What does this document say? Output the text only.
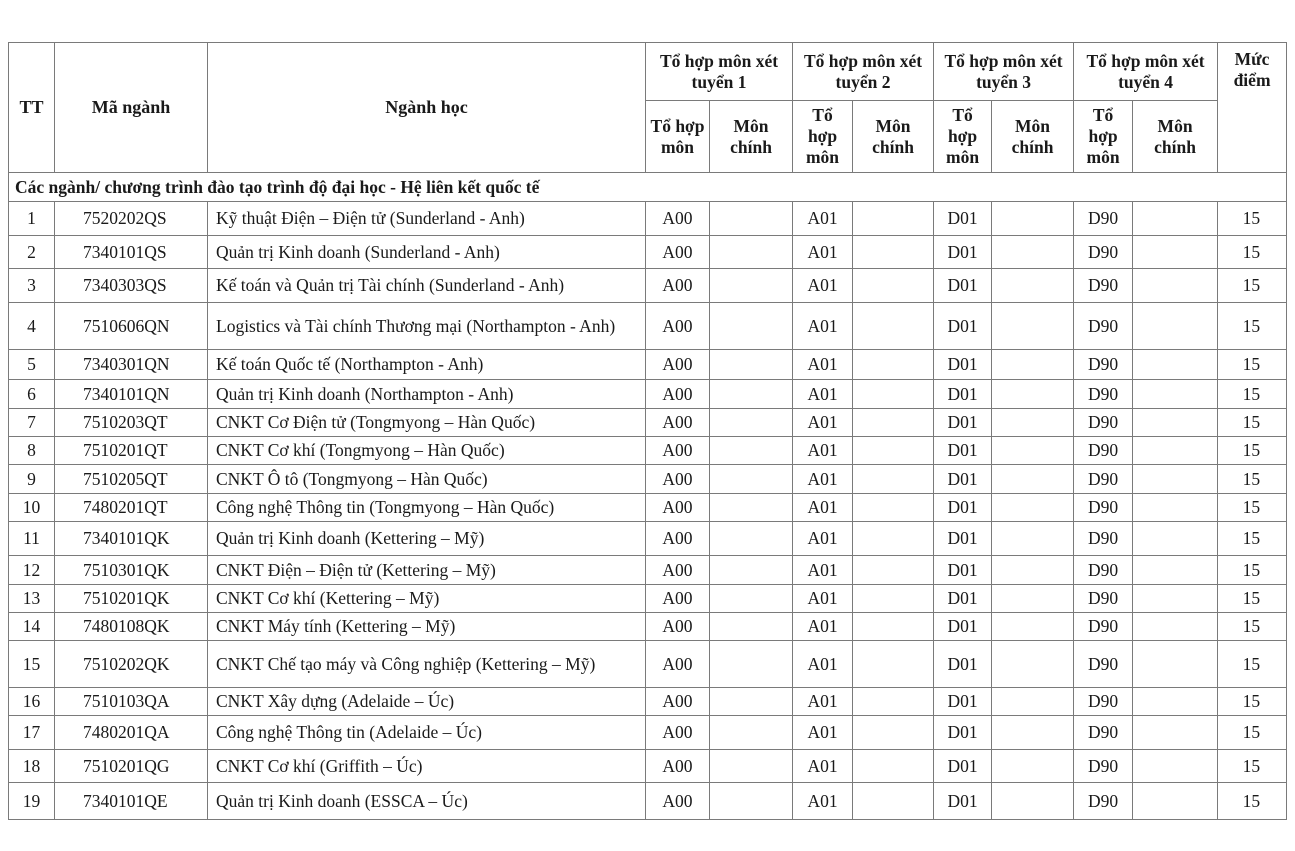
TT	Mã ngành	Ngành học	Tổ hợp môn xét tuyển 1		Tổ hợp môn xét tuyển 2		Tổ hợp môn xét tuyển 3		Tổ hợp môn xét tuyển 4		Mức điểm
			Tổ hợp môn	Môn chính	Tổ hợp môn	Môn chính	Tổ hợp môn	Môn chính	Tổ hợp môn	Môn chính	
Các ngành/ chương trình đào tạo trình độ đại học - Hệ liên kết quốc tế											
1	7520202QS	Kỹ thuật Điện – Điện tử (Sunderland - Anh)	A00		A01		D01		D90		15
2	7340101QS	Quản trị Kinh doanh (Sunderland - Anh)	A00		A01		D01		D90		15
3	7340303QS	Kế toán và Quản trị Tài chính (Sunderland - Anh)	A00		A01		D01		D90		15
4	7510606QN	Logistics và Tài chính Thương mại (Northampton - Anh)	A00		A01		D01		D90		15
5	7340301QN	Kế toán Quốc tế (Northampton - Anh)	A00		A01		D01		D90		15
6	7340101QN	Quản trị Kinh doanh (Northampton - Anh)	A00		A01		D01		D90		15
7	7510203QT	CNKT Cơ Điện tử (Tongmyong – Hàn Quốc)	A00		A01		D01		D90		15
8	7510201QT	CNKT Cơ khí (Tongmyong – Hàn Quốc)	A00		A01		D01		D90		15
9	7510205QT	CNKT Ô tô (Tongmyong – Hàn Quốc)	A00		A01		D01		D90		15
10	7480201QT	Công nghệ Thông tin (Tongmyong – Hàn Quốc)	A00		A01		D01		D90		15
11	7340101QK	Quản trị Kinh doanh (Kettering – Mỹ)	A00		A01		D01		D90		15
12	7510301QK	CNKT Điện – Điện tử (Kettering – Mỹ)	A00		A01		D01		D90		15
13	7510201QK	CNKT Cơ khí (Kettering – Mỹ)	A00		A01		D01		D90		15
14	7480108QK	CNKT Máy tính (Kettering – Mỹ)	A00		A01		D01		D90		15
15	7510202QK	CNKT Chế tạo máy và Công nghiệp (Kettering – Mỹ)	A00		A01		D01		D90		15
16	7510103QA	CNKT Xây dựng (Adelaide – Úc)	A00		A01		D01		D90		15
17	7480201QA	Công nghệ Thông tin (Adelaide – Úc)	A00		A01		D01		D90		15
18	7510201QG	CNKT Cơ khí (Griffith – Úc)	A00		A01		D01		D90		15
19	7340101QE	Quản trị Kinh doanh (ESSCA – Úc)	A00		A01		D01		D90		15
